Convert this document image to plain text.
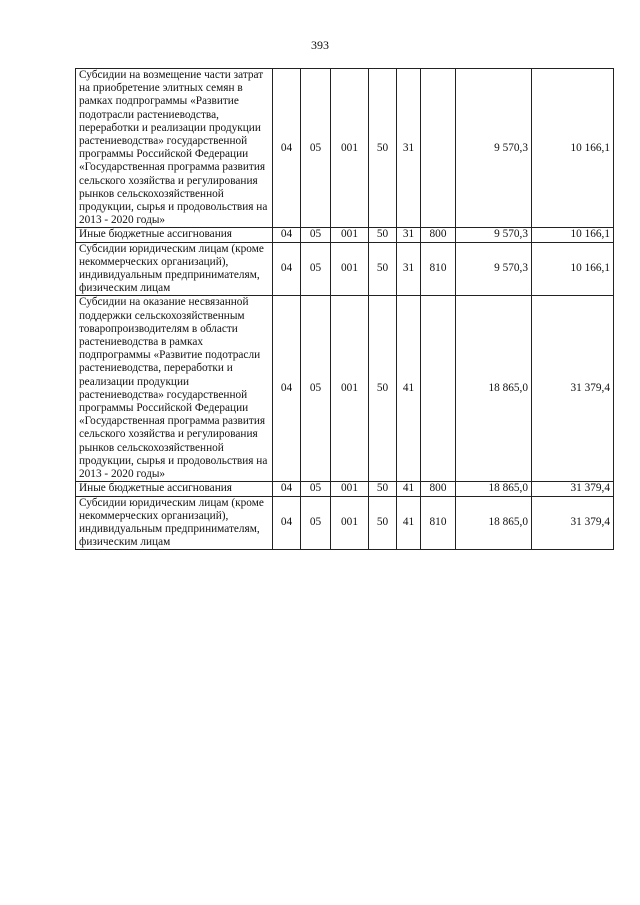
393
Субсидии на возмещение части затрат на приобретение элитных семян в рамках подпрограммы «Развитие подотрасли растениеводства, переработки и реализации продукции растениеводства» государственной программы Российской Федерации «Государственная программа развития сельского хозяйства и регулирования рынков сельскохозяйственной продукции, сырья и продовольствия на 2013 - 2020 годы»	04	05	001	50	31		9 570,3	10 166,1
Иные бюджетные ассигнования	04	05	001	50	31	800	9 570,3	10 166,1
Субсидии юридическим лицам (кроме некоммерческих организаций), индивидуальным предпринимателям, физическим лицам	04	05	001	50	31	810	9 570,3	10 166,1
Субсидии на оказание несвязанной поддержки сельскохозяйственным товаропроизводителям в области растениеводства в рамках подпрограммы «Развитие подотрасли растениеводства, переработки и реализации продукции растениеводства» государственной программы Российской Федерации «Государственная программа развития сельского хозяйства и регулирования рынков сельскохозяйственной продукции, сырья и продовольствия на 2013 - 2020 годы»	04	05	001	50	41		18 865,0	31 379,4
Иные бюджетные ассигнования	04	05	001	50	41	800	18 865,0	31 379,4
Субсидии юридическим лицам (кроме некоммерческих организаций), индивидуальным предпринимателям, физическим лицам	04	05	001	50	41	810	18 865,0	31 379,4
